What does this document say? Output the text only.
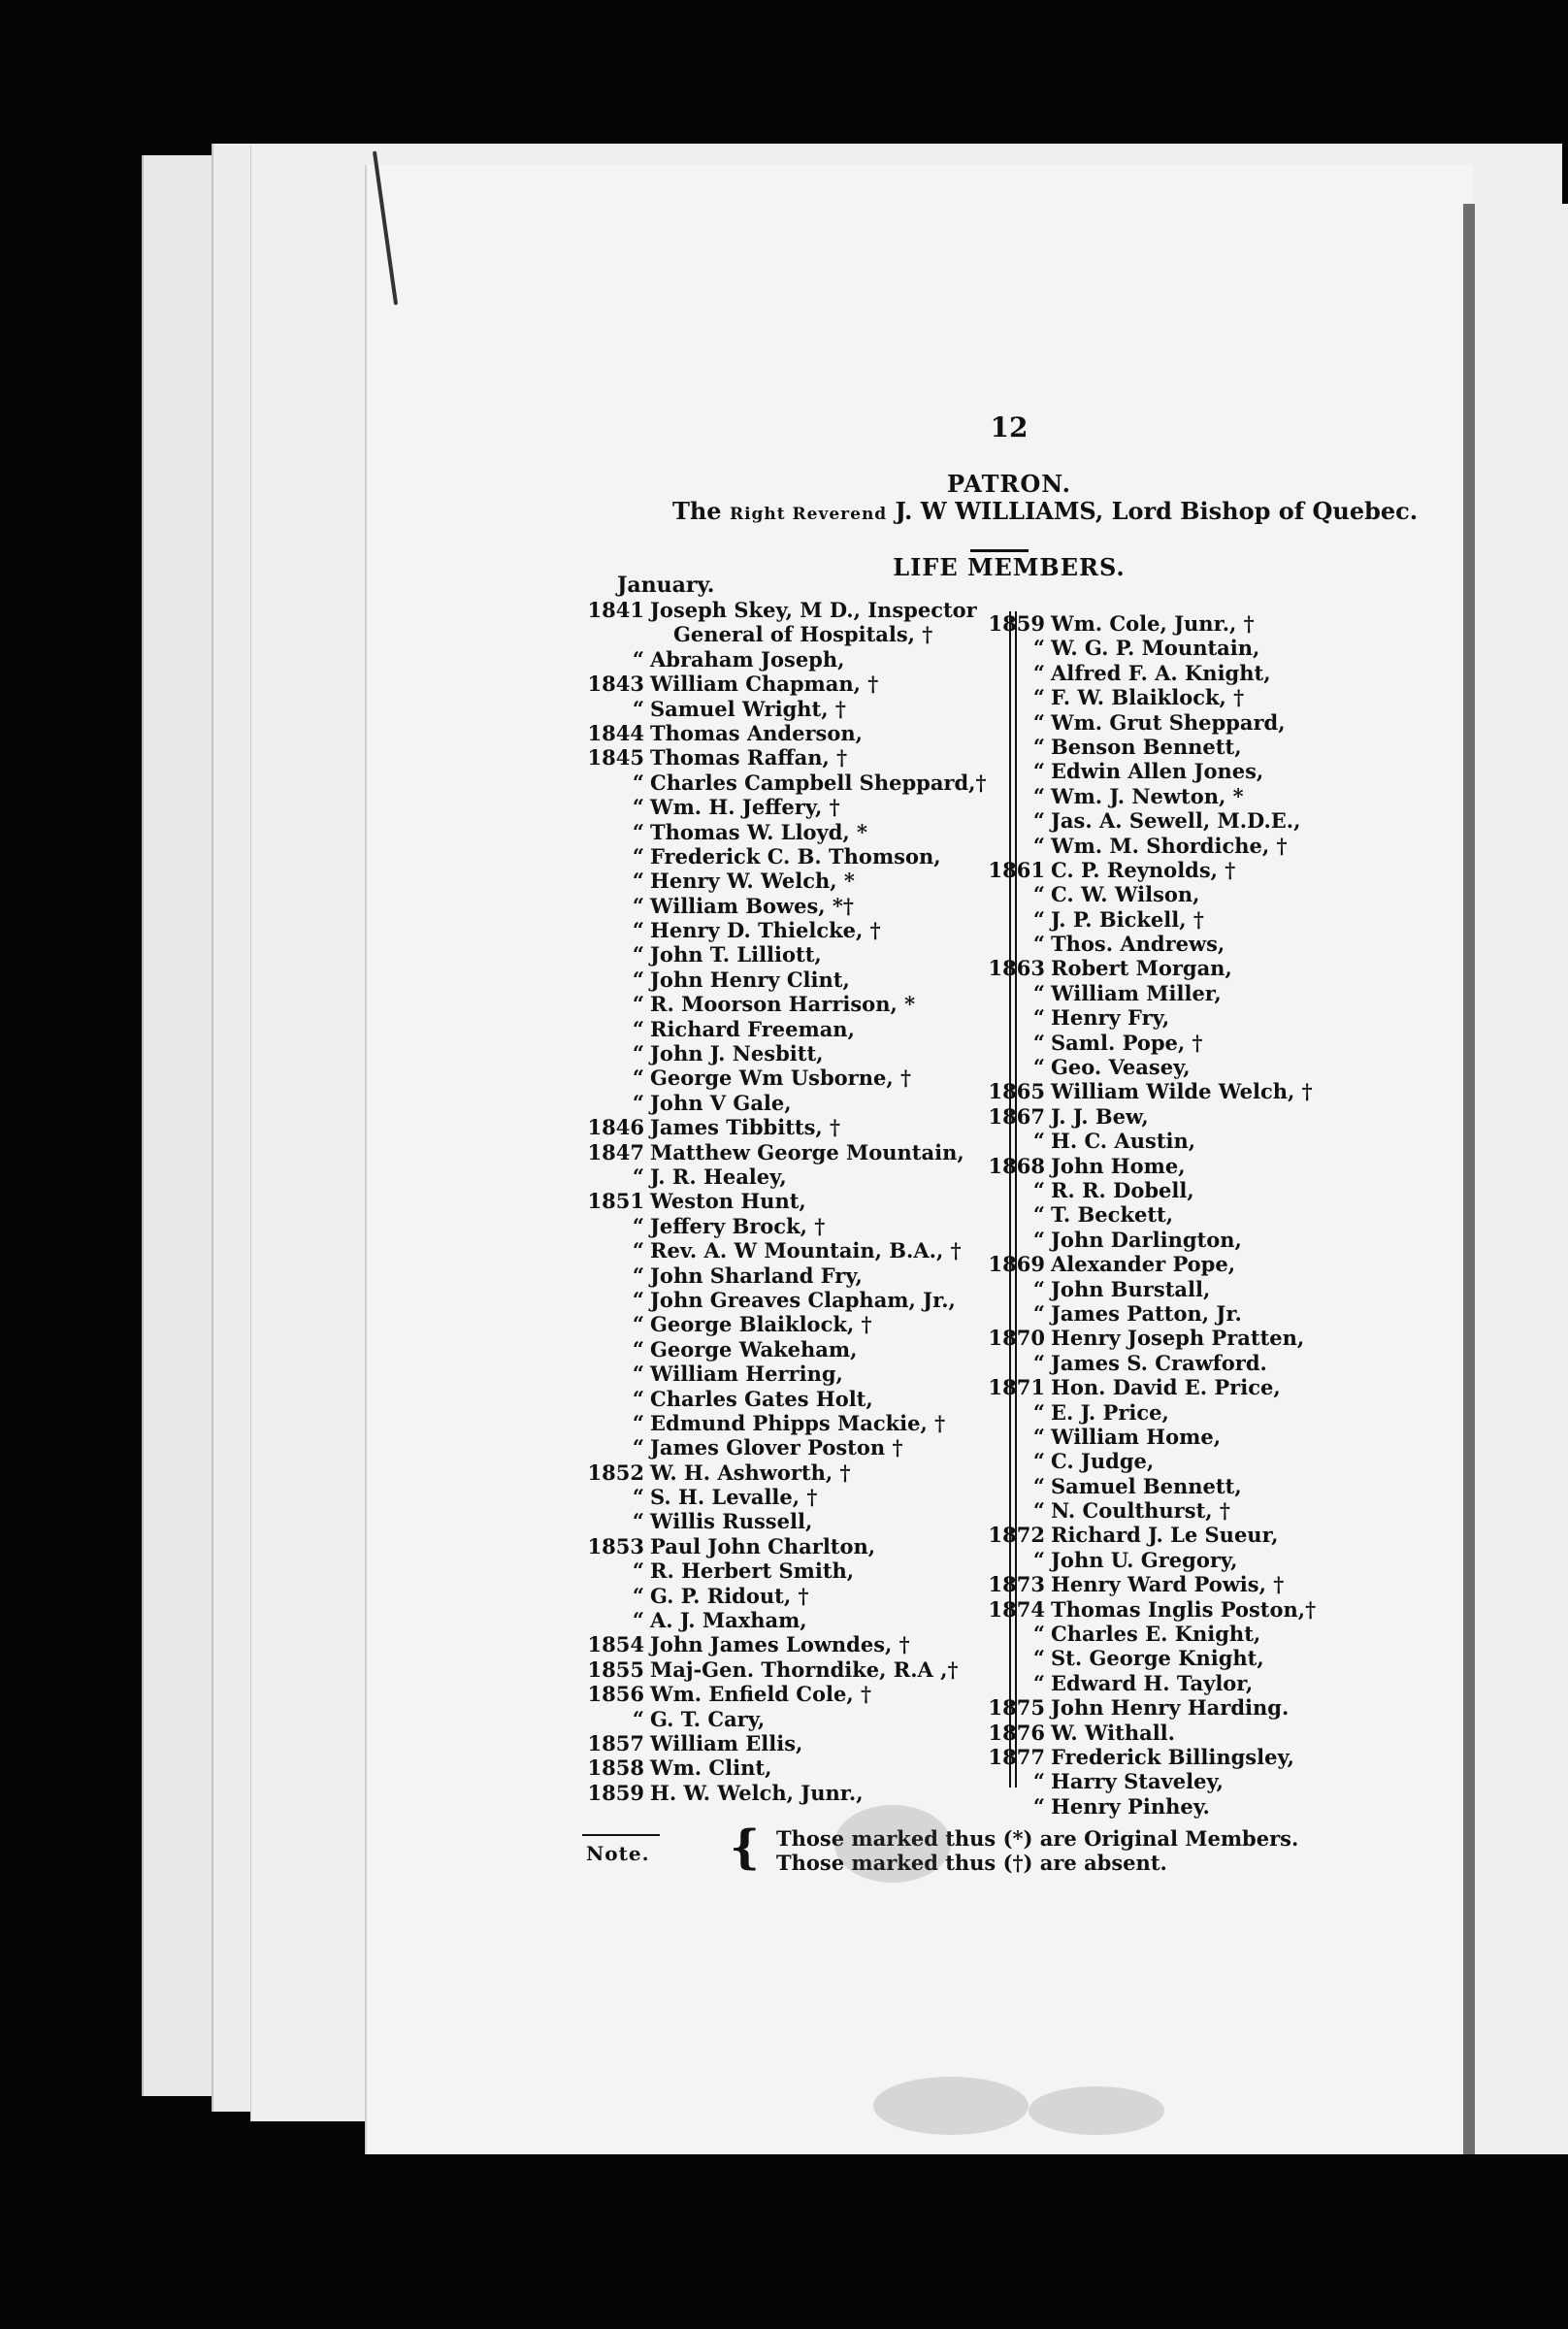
12
PATRON.
The Right Reverend J. W WILLIAMS, Lord Bishop of Quebec.
LIFE MEMBERS.
January.
1841 Joseph Skey, M D., Inspector
General of Hospitals, †
“ Abraham Joseph,
1843 William Chapman, †
“ Samuel Wright, †
1844 Thomas Anderson,
1845 Thomas Raffan, †
“ Charles Campbell Sheppard,†
“ Wm. H. Jeffery, †
“ Thomas W. Lloyd, *
“ Frederick C. B. Thomson,
“ Henry W. Welch, *
“ William Bowes, *†
“ Henry D. Thielcke, †
“ John T. Lilliott,
“ John Henry Clint,
“ R. Moorson Harrison, *
“ Richard Freeman,
“ John J. Nesbitt,
“ George Wm Usborne, †
“ John V Gale,
1846 James Tibbitts, †
1847 Matthew George Mountain,
“ J. R. Healey,
1851 Weston Hunt,
“ Jeffery Brock, †
“ Rev. A. W Mountain, B.A., †
“ John Sharland Fry,
“ John Greaves Clapham, Jr.,
“ George Blaiklock, †
“ George Wakeham,
“ William Herring,
“ Charles Gates Holt,
“ Edmund Phipps Mackie, †
“ James Glover Poston †
1852 W. H. Ashworth, †
“ S. H. Levalle, †
“ Willis Russell,
1853 Paul John Charlton,
“ R. Herbert Smith,
“ G. P. Ridout, †
“ A. J. Maxham,
1854 John James Lowndes, †
1855 Maj-Gen. Thorndike, R.A ,†
1856 Wm. Enfield Cole, †
“ G. T. Cary,
1857 William Ellis,
1858 Wm. Clint,
1859 H. W. Welch, Junr.,
1859 Wm. Cole, Junr., †
“ W. G. P. Mountain,
“ Alfred F. A. Knight,
“ F. W. Blaiklock, †
“ Wm. Grut Sheppard,
“ Benson Bennett,
“ Edwin Allen Jones,
“ Wm. J. Newton, *
“ Jas. A. Sewell, M.D.E.,
“ Wm. M. Shordiche, †
1861 C. P. Reynolds, †
“ C. W. Wilson,
“ J. P. Bickell, †
“ Thos. Andrews,
1863 Robert Morgan,
“ William Miller,
“ Henry Fry,
“ Saml. Pope, †
“ Geo. Veasey,
1865 William Wilde Welch, †
1867 J. J. Bew,
“ H. C. Austin,
1868 John Home,
“ R. R. Dobell,
“ T. Beckett,
“ John Darlington,
1869 Alexander Pope,
“ John Burstall,
“ James Patton, Jr.
1870 Henry Joseph Pratten,
“ James S. Crawford.
1871 Hon. David E. Price,
“ E. J. Price,
“ William Home,
“ C. Judge,
“ Samuel Bennett,
“ N. Coulthurst, †
1872 Richard J. Le Sueur,
“ John U. Gregory,
1873 Henry Ward Powis, †
1874 Thomas Inglis Poston,†
“ Charles E. Knight,
“ St. George Knight,
“ Edward H. Taylor,
1875 John Henry Harding.
1876 W. Withall.
1877 Frederick Billingsley,
“ Harry Staveley,
“ Henry Pinhey.
Note. { Those marked thus (*) are Original Members.
Those marked thus (†) are absent.
